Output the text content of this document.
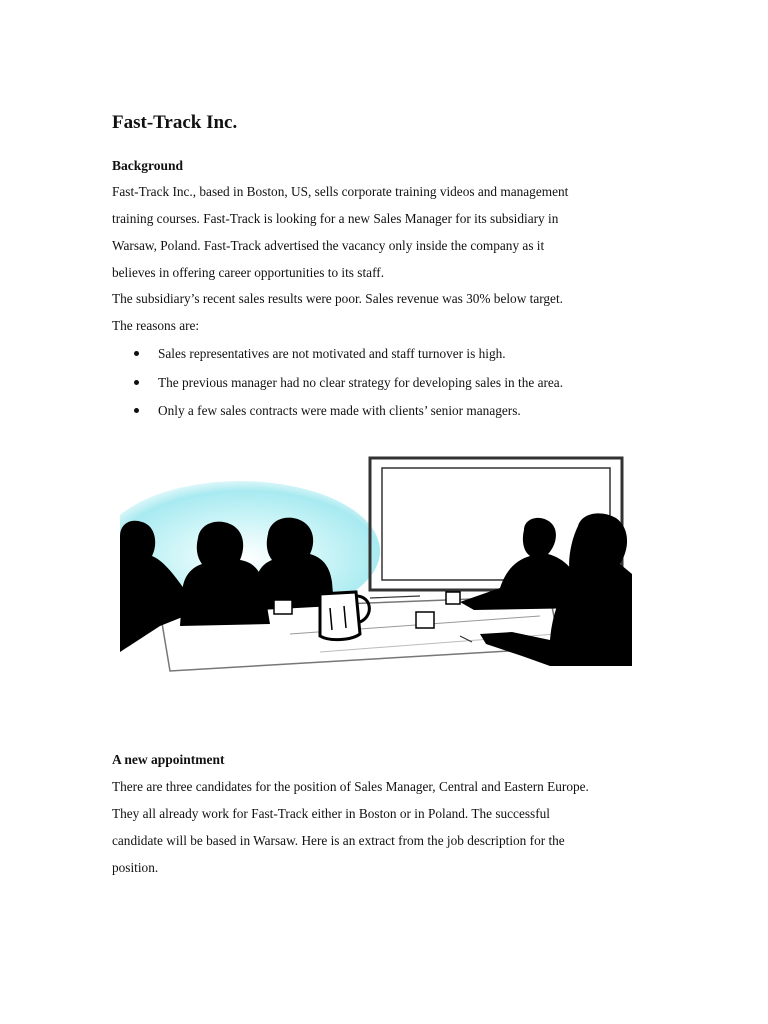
Fast-Track Inc.
Background

Fast-Track Inc., based in Boston, US, sells corporate training videos and management
training courses. Fast-Track is looking for a new Sales Manager for its subsidiary in
Warsaw, Poland. Fast-Track advertised the vacancy only inside the company as it
believes in offering career opportunities to its staff.
The subsidiary’s recent sales results were poor. Sales revenue was 30% below target.
The reasons are:

Sales representatives are not motivated and staff turnover is high.
The previous manager had no clear strategy for developing sales in the area.
Only a few sales contracts were made with clients’ senior managers.
A new appointment

There are three candidates for the position of Sales Manager, Central and Eastern Europe.
They all already work for Fast-Track either in Boston or in Poland. The successful
candidate will be based in Warsaw. Here is an extract from the job description for the
position.
